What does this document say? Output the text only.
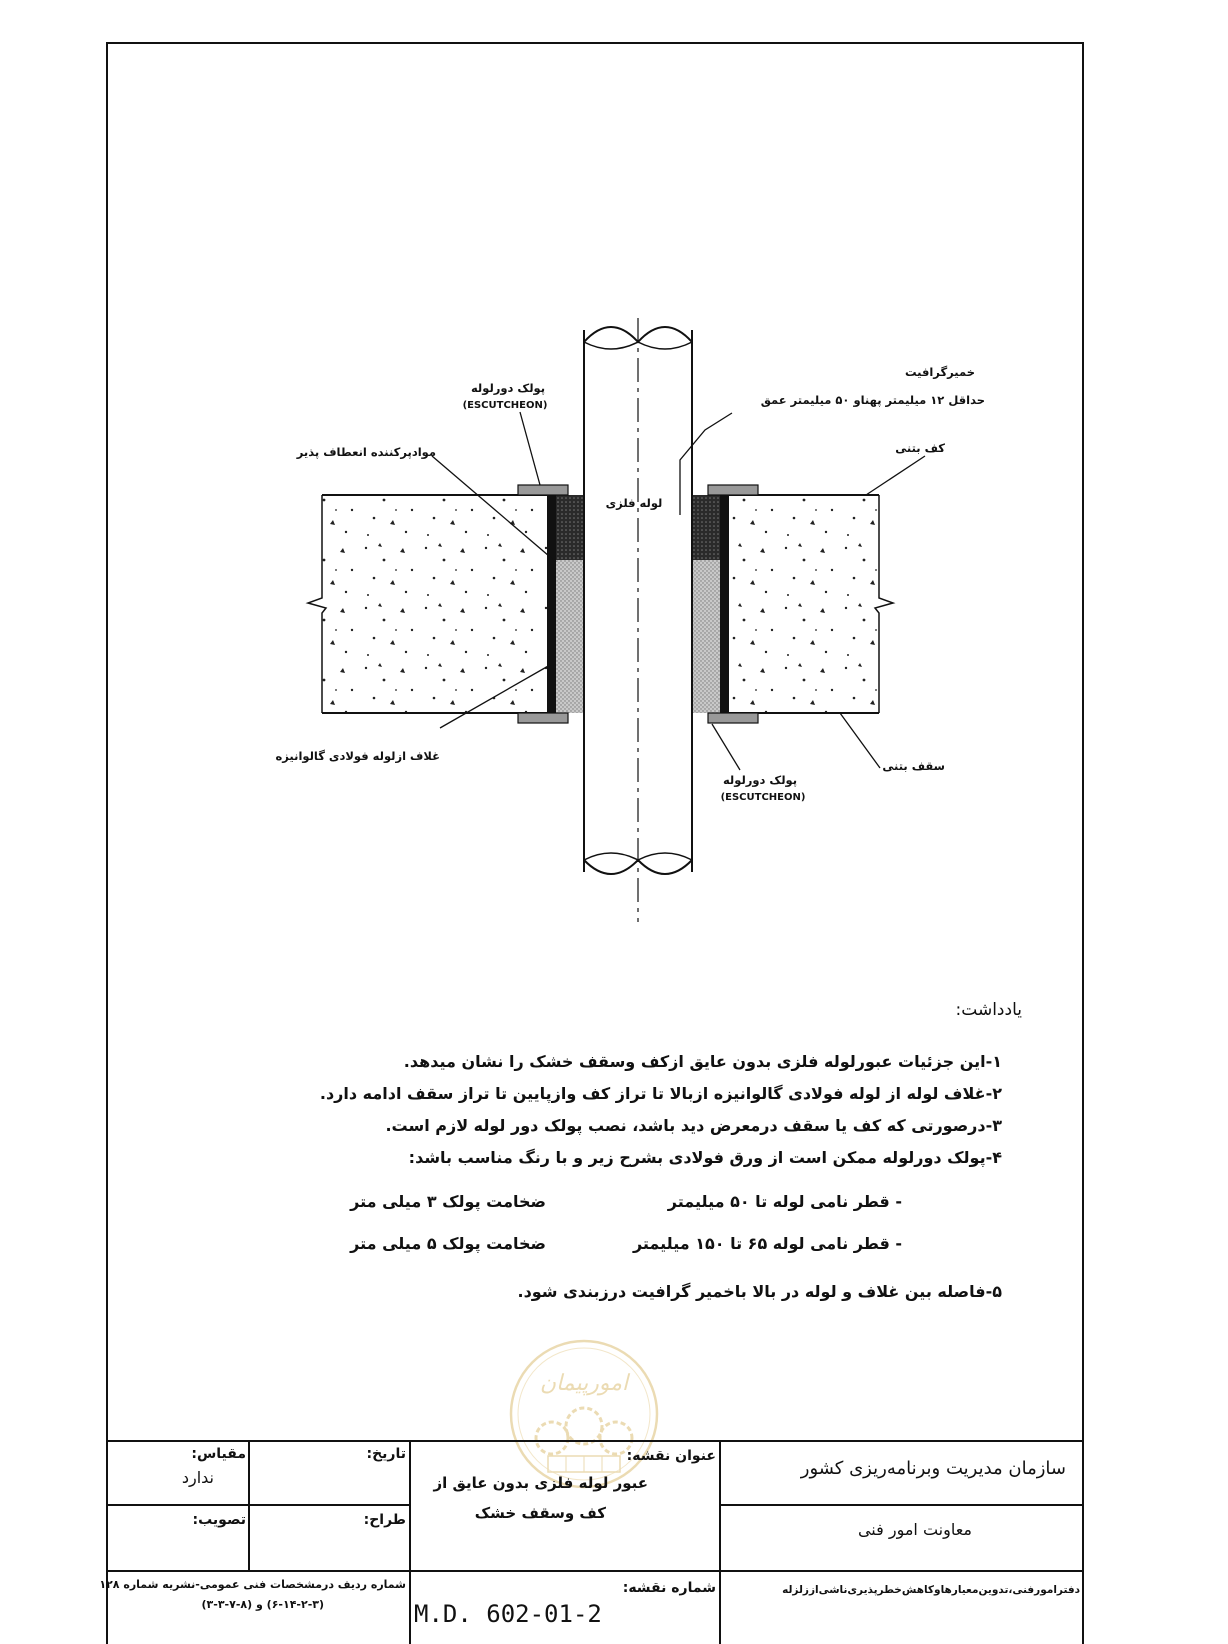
پولک دورلوله
(ESCUTCHEON)
خمیرگرافیت
حداقل ۱۲ میلیمتر پهناو ۵۰ میلیمتر عمق
موادپرکننده انعطاف پذیر	کف بتنی
لوله فلزی
غلاف ازلوله فولادی گالوانیزه
سقف بتنی
پولک دورلوله
(ESCUTCHEON)
یادداشت:
۱-این جزئیات عبورلوله فلزی بدون عایق ازکف وسقف خشک را نشان میدهد.
۲-غلاف لوله از لوله فولادی گالوانیزه ازبالا تا تراز کف وازپایین تا تراز سقف ادامه دارد.
۳-درصورتی که کف یا سقف درمعرض دید باشد، نصب پولک دور لوله لازم است.
۴-پولک دورلوله ممکن است از ورق فولادی بشرح زیر و با رنگ مناسب باشد:
- قطر نامی لوله تا ۵۰ میلیمتر
ضخامت پولک ۳ میلی متر
- قطر نامی لوله ۶۵ تا ۱۵۰ میلیمتر
ضخامت پولک ۵ میلی متر
۵-فاصله بین غلاف و لوله در بالا باخمیر گرافیت درزبندی شود.
امورپیمان
مقیاس:
ندارد
تصویب:
تاریخ:
طراح:
شماره ردیف درمشخصات فنی عمومی-نشریه شماره ۱۲۸
(۶-۱۴-۲-۳) و (۸-۷-۳-۳)
عنوان نقشه:
عبور لوله فلزی بدون عایق از
کف وسقف خشک
شماره نقشه:
M.D. 602-01-2
سازمان مدیریت وبرنامه‌ریزی کشور
معاونت امور فنی
دفترامورفنی،تدوین‌معیارهاوکاهش‌خطرپذیری‌ناشی‌اززلزله
